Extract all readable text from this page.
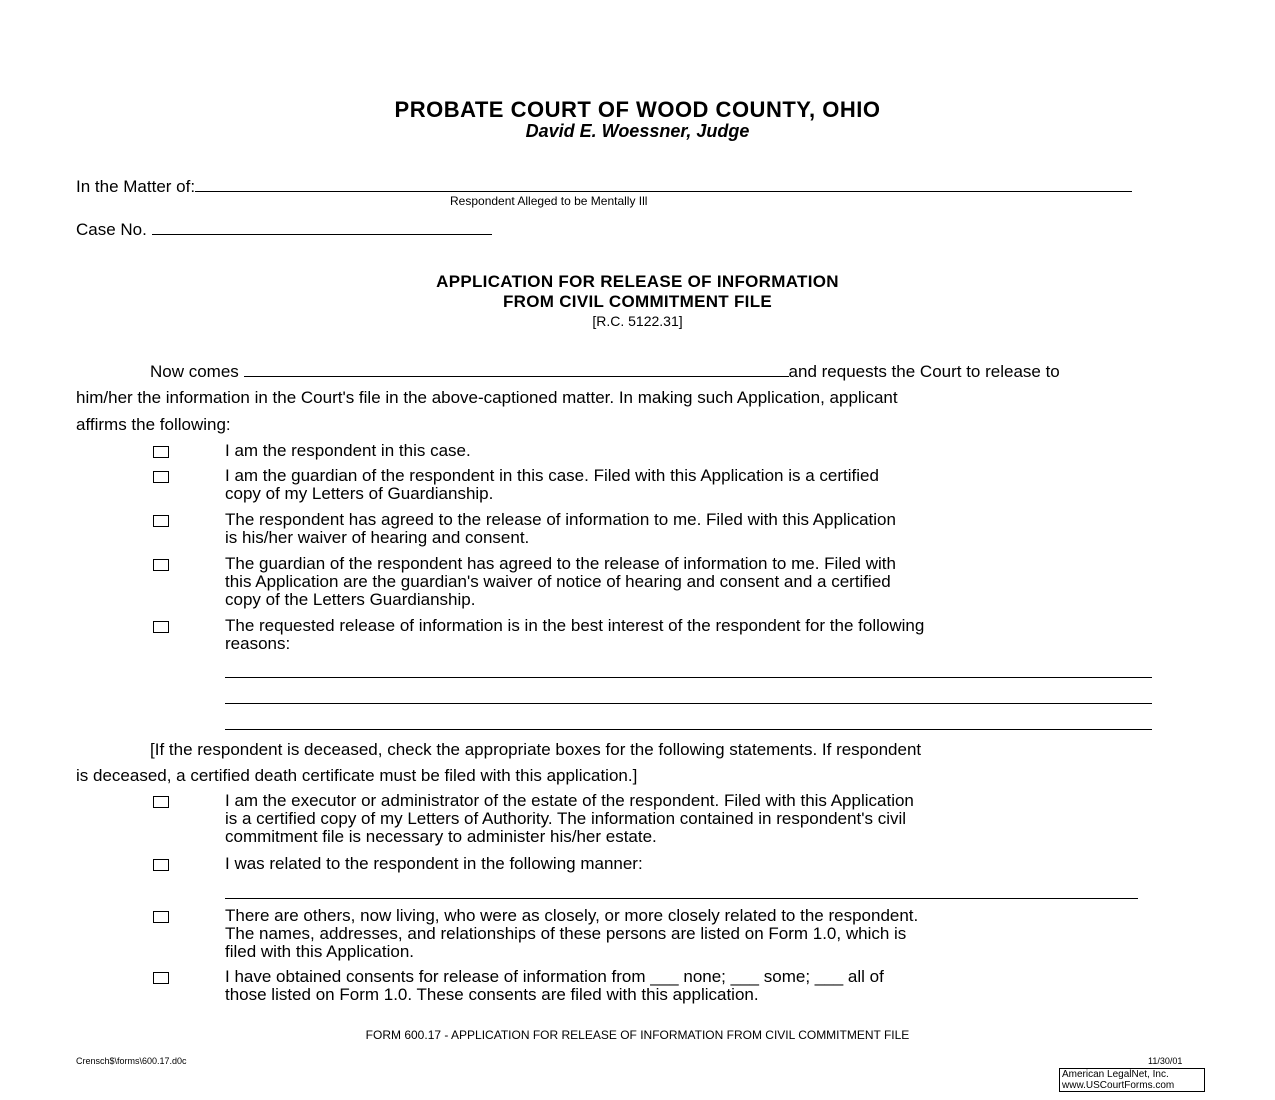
PROBATE COURT OF WOOD COUNTY, OHIO
David E. Woessner, Judge
In the Matter of:
Respondent Alleged to be Mentally Ill
Case No.
APPLICATION FOR RELEASE OF INFORMATION
FROM CIVIL COMMITMENT FILE
[R.C. 5122.31]
Now comes	and requests the Court to release to
him/her the information in the Court's file in the above-captioned matter. In making such Application, applicant
affirms the following:
I am the respondent in this case.
I am the guardian of the respondent in this case. Filed with this Application is a certified
copy of my Letters of Guardianship.
The respondent has agreed to the release of information to me. Filed with this Application
is his/her waiver of hearing and consent.
The guardian of the respondent has agreed to the release of information to me. Filed with
this Application are the guardian's waiver of notice of hearing and consent and a certified
copy of the Letters Guardianship.
The requested release of information is in the best interest of the respondent for the following
reasons:
[If the respondent is deceased, check the appropriate boxes for the following statements. If respondent
is deceased, a certified death certificate must be filed with this application.]
I am the executor or administrator of the estate of the respondent. Filed with this Application
is a certified copy of my Letters of Authority. The information contained in respondent's civil
commitment file is necessary to administer his/her estate.
I was related to the respondent in the following manner:
There are others, now living, who were as closely, or more closely related to the respondent.
The names, addresses, and relationships of these persons are listed on Form 1.0, which is
filed with this Application.
I have obtained consents for release of information from ___ none; ___ some; ___ all of
those listed on Form 1.0. These consents are filed with this application.
FORM 600.17 - APPLICATION FOR RELEASE OF INFORMATION FROM CIVIL COMMITMENT FILE
Crensch$\forms\600.17.d0c	11/30/01
American LegalNet, Inc.
www.USCourtForms.com
